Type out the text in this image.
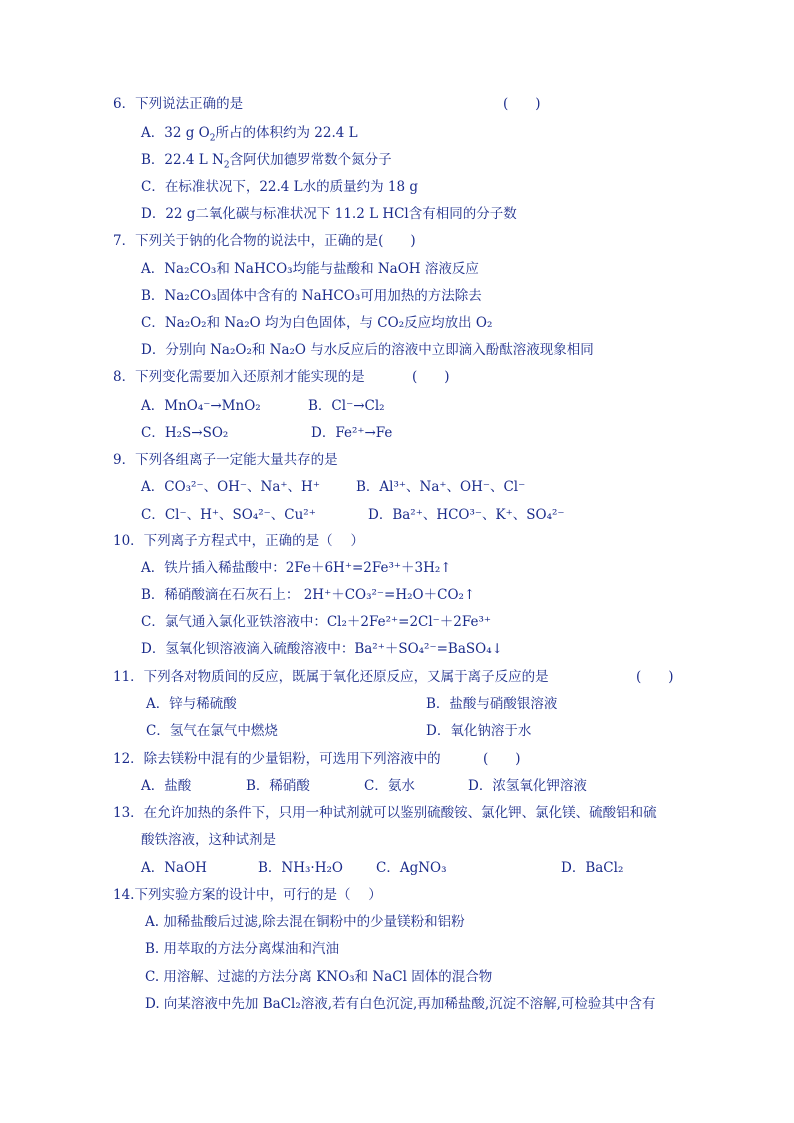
6．下列说法正确的是	(　　)
A．32 g $O_2$所占的体积约为 22.4 L
B．22.4 L $N_2$含阿伏加德罗常数个氮分子
C．在标准状况下，22.4 L水的质量约为 18 g
D．22 g二氧化碳与标准状况下 11.2 L HCl含有相同的分子数
7．下列关于钠的化合物的说法中，正确的是(　　)
A．Na₂CO₃和 NaHCO₃均能与盐酸和 NaOH 溶液反应
B．Na₂CO₃固体中含有的 NaHCO₃可用加热的方法除去
C．Na₂O₂和 Na₂O 均为白色固体，与 CO₂反应均放出 O₂
D．分别向 Na₂O₂和 Na₂O 与水反应后的溶液中立即滴入酚酞溶液现象相同
8．下列变化需要加入还原剂才能实现的是	(　　)
A．MnO₄⁻→MnO₂	B．Cl⁻→Cl₂
C．H₂S→SO₂	D．Fe²⁺→Fe
9．下列各组离子一定能大量共存的是
A．CO₃²⁻、OH⁻、Na⁺、H⁺	B．Al³⁺、Na⁺、OH⁻、Cl⁻
C．Cl⁻、H⁺、SO₄²⁻、Cu²⁺	D．Ba²⁺、HCO³⁻、K⁺、SO₄²⁻
10．下列离子方程式中，正确的是（　 ）
A．铁片插入稀盐酸中：2Fe＋6H⁺=2Fe³⁺＋3H₂↑
B．稀硝酸滴在石灰石上： 2H⁺＋CO₃²⁻=H₂O＋CO₂↑
C．氯气通入氯化亚铁溶液中：Cl₂＋2Fe²⁺=2Cl⁻＋2Fe³⁺
D．氢氧化钡溶液滴入硫酸溶液中：Ba²⁺＋SO₄²⁻=BaSO₄↓
11．下列各对物质间的反应，既属于氧化还原反应，又属于离子反应的是	(　　)
A．锌与稀硫酸	B．盐酸与硝酸银溶液
C．氢气在氯气中燃烧	D．氧化钠溶于水
12．除去镁粉中混有的少量铝粉，可选用下列溶液中的	(　　)
A．盐酸	B．稀硝酸	C．氨水	D．浓氢氧化钾溶液
13．在允许加热的条件下，只用一种试剂就可以鉴别硫酸铵、氯化钾、氯化镁、硫酸铝和硫
酸铁溶液，这种试剂是
A．NaOH	B．NH₃·H₂O C．AgNO₃	D．BaCl₂
14.下列实验方案的设计中，可行的是（　 ）
A. 加稀盐酸后过滤,除去混在铜粉中的少量镁粉和铝粉
B. 用萃取的方法分离煤油和汽油
C. 用溶解、过滤的方法分离 KNO₃和 NaCl 固体的混合物
D. 向某溶液中先加 BaCl₂溶液,若有白色沉淀,再加稀盐酸,沉淀不溶解,可检验其中含有
